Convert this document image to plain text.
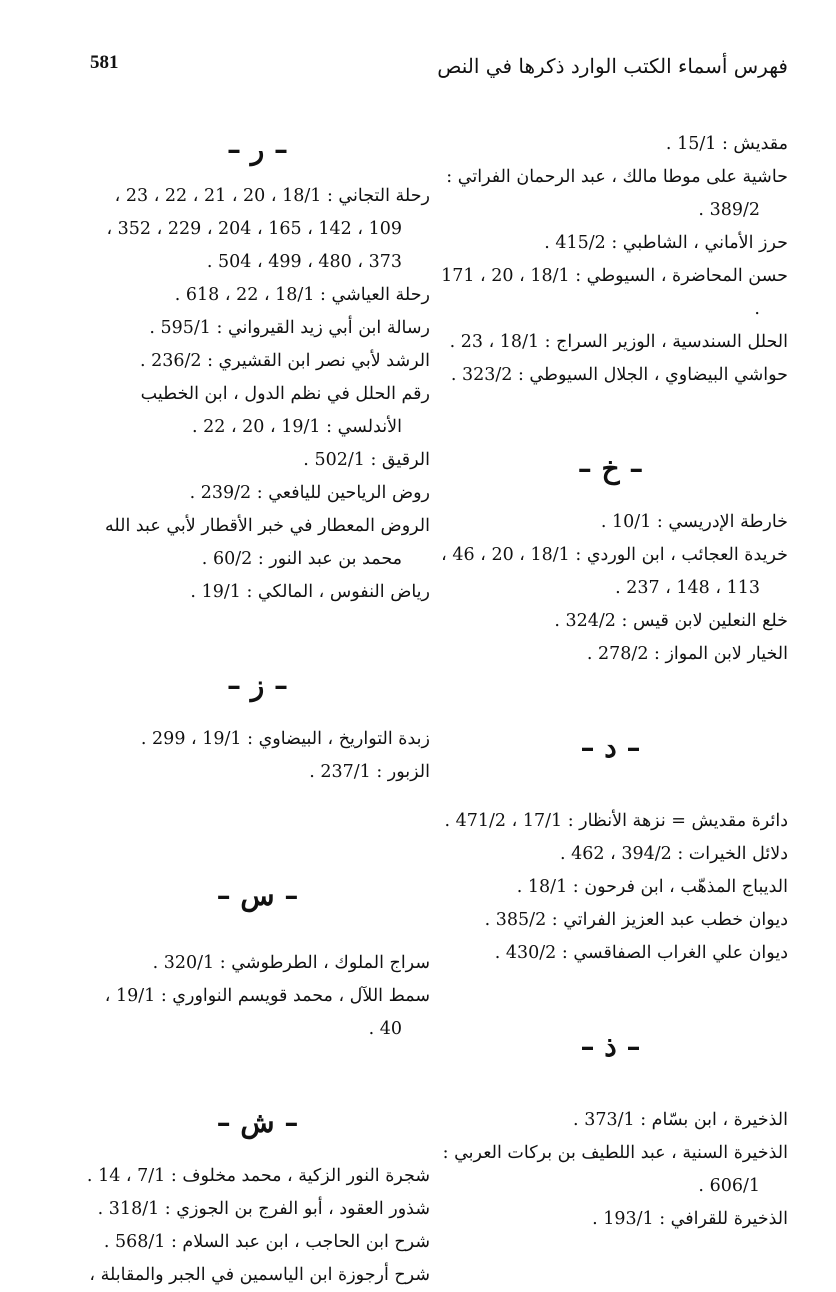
581	فهرس أسماء الكتب الوارد ذكرها في النص
مقديش : 15/1 .
حاشية على موطا مالك ، عبد الرحمان الفراتي : 389/2 .
حرز الأماني ، الشاطبي : 415/2 .
حسن المحاضرة ، السيوطي : 18/1 ، 20 ، 171 .
الحلل السندسية ، الوزير السراج : 18/1 ، 23 .
حواشي البيضاوي ، الجلال السيوطي : 323/2 .
– خ –
خارطة الإدريسي : 10/1 .
خريدة العجائب ، ابن الوردي : 18/1 ، 20 ، 46 ، 113 ، 148 ، 237 .
خلع النعلين لابن قيس : 324/2 .
الخيار لابن المواز : 278/2 .
– د –
دائرة مقديش = نزهة الأنظار : 17/1 ، 471/2 .
دلائل الخيرات : 394/2 ، 462 .
الديباج المذهّب ، ابن فرحون : 18/1 .
ديوان خطب عبد العزيز الفراتي : 385/2 .
ديوان علي الغراب الصفاقسي : 430/2 .
– ذ –
الذخيرة ، ابن بسّام : 373/1 .
الذخيرة السنية ، عبد اللطيف بن بركات العربي : 606/1 .
الذخيرة للقرافي : 193/1 .
– ر –
رحلة التجاني : 18/1 ، 20 ، 21 ، 22 ، 23 ، 109 ، 142 ، 165 ، 204 ، 229 ، 352 ، 373 ، 480 ، 499 ، 504 .
رحلة العياشي : 18/1 ، 22 ، 618 .
رسالة ابن أبي زيد القيرواني : 595/1 .
الرشد لأبي نصر ابن القشيري : 236/2 .
رقم الحلل في نظم الدول ، ابن الخطيب الأندلسي : 19/1 ، 20 ، 22 .
الرقيق : 502/1 .
روض الرياحين لليافعي : 239/2 .
الروض المعطار في خبر الأقطار لأبي عبد الله محمد بن عبد النور : 60/2 .
رياض النفوس ، المالكي : 19/1 .
– ز –
زبدة التواريخ ، البيضاوي : 19/1 ، 299 .
الزبور : 237/1 .
– س –
سراج الملوك ، الطرطوشي : 320/1 .
سمط اللآل ، محمد قويسم النواوري : 19/1 ، 40 .
– ش –
شجرة النور الزكية ، محمد مخلوف : 7/1 ، 14 .
شذور العقود ، أبو الفرج بن الجوزي : 318/1 .
شرح ابن الحاجب ، ابن عبد السلام : 568/1 .
شرح أرجوزة ابن الياسمين في الجبر والمقابلة ،
